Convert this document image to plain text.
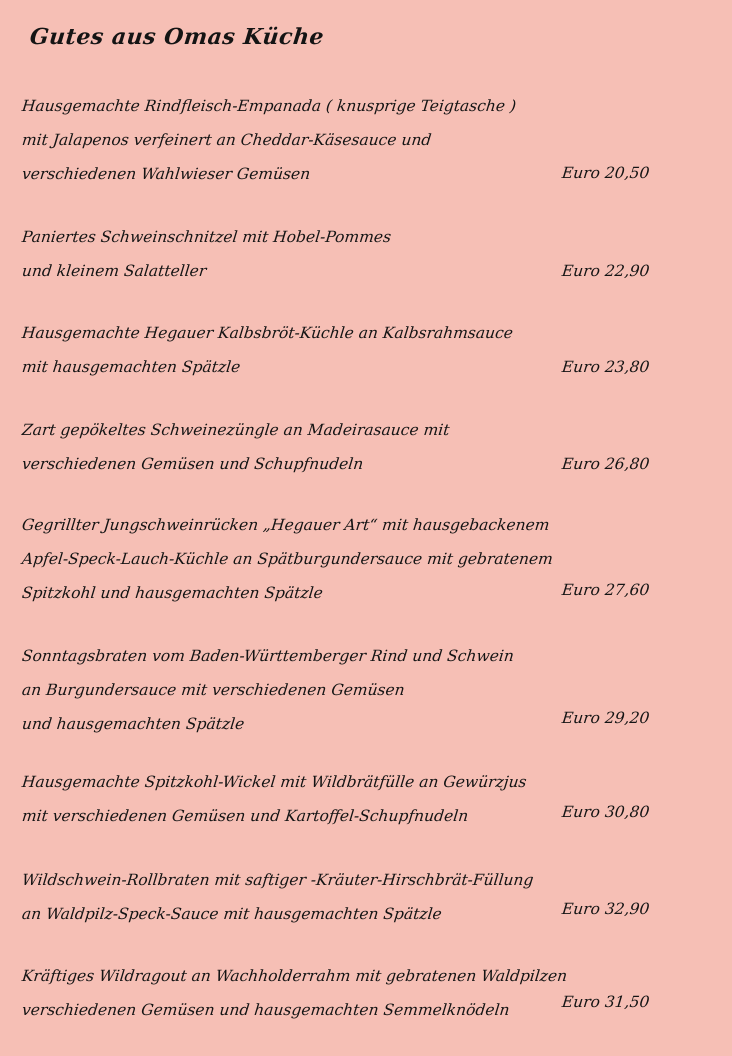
Gutes aus Omas Küche
Hausgemachte Rindfleisch-Empanada ( knusprige Teigtasche )
mit Jalapenos verfeinert an Cheddar-Käsesauce und
verschiedenen Wahlwieser Gemüsen	Euro 20,50
Paniertes Schweinschnitzel mit Hobel-Pommes
und kleinem Salatteller	Euro 22,90
Hausgemachte Hegauer Kalbsbröt-Küchle an Kalbsrahmsauce
mit hausgemachten Spätzle	Euro 23,80
Zart gepökeltes Schweinezüngle an Madeirasauce mit
verschiedenen Gemüsen und Schupfnudeln	Euro 26,80
Gegrillter Jungschweinrücken „Hegauer Art“ mit hausgebackenem
Apfel-Speck-Lauch-Küchle an Spätburgundersauce mit gebratenem
Spitzkohl und hausgemachten Spätzle	Euro 27,60
Sonntagsbraten vom Baden-Württemberger Rind und Schwein
an Burgundersauce mit verschiedenen Gemüsen
und hausgemachten Spätzle	Euro 29,20
Hausgemachte Spitzkohl-Wickel mit Wildbrätfülle an Gewürzjus
mit verschiedenen Gemüsen und Kartoffel-Schupfnudeln	Euro 30,80
Wildschwein-Rollbraten mit saftiger -Kräuter-Hirschbrät-Füllung
an Waldpilz-Speck-Sauce mit hausgemachten Spätzle	Euro 32,90
Kräftiges Wildragout an Wachholderrahm mit gebratenen Waldpilzen
verschiedenen Gemüsen und hausgemachten Semmelknödeln	Euro 31,50
